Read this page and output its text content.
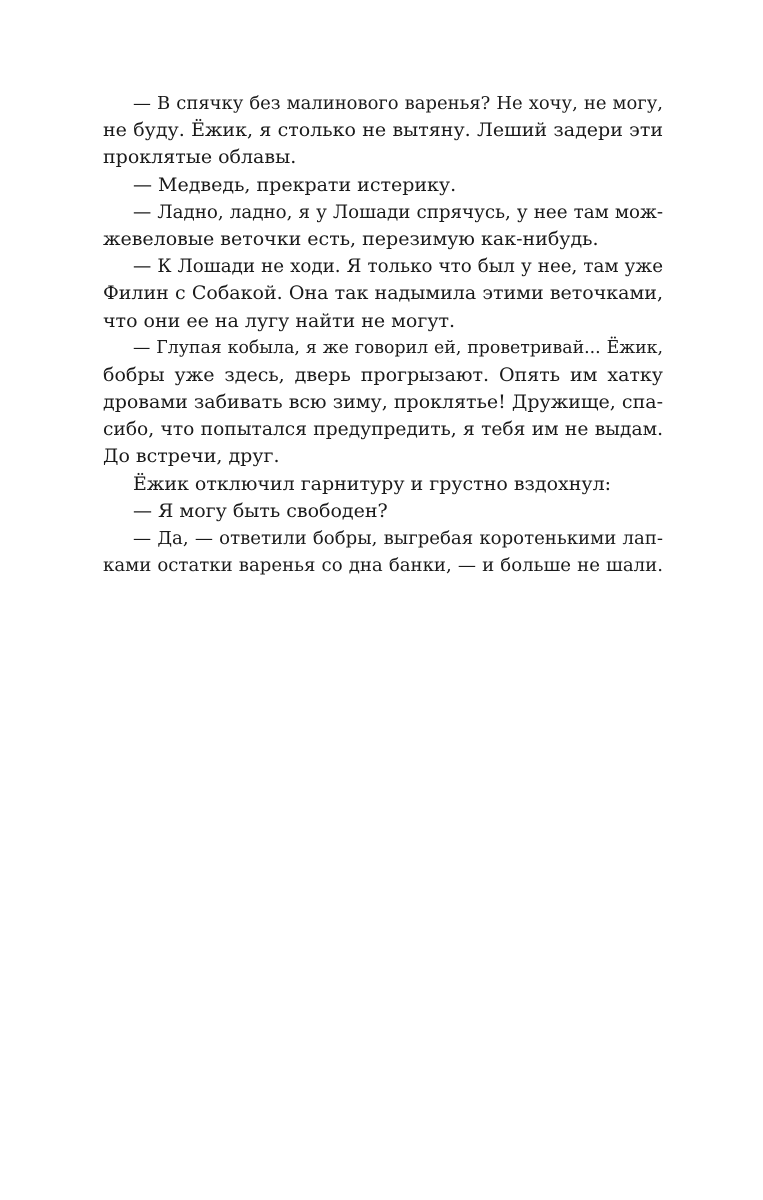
— В спячку без малинового варенья? Не хочу, не могу,
не буду. Ёжик, я столько не вытяну. Леший задери эти
проклятые облавы.
— Медведь, прекрати истерику.
— Ладно, ладно, я у Лошади спрячусь, у нее там мож-
жевеловые веточки есть, перезимую как-нибудь.
— К Лошади не ходи. Я только что был у нее, там уже
Филин с Собакой. Она так надымила этими веточками,
что они ее на лугу найти не могут.
— Глупая кобыла, я же говорил ей, проветривай... Ёжик,
бобры уже здесь, дверь прогрызают. Опять им хатку
дровами забивать всю зиму, проклятье! Дружище, спа-
сибо, что попытался предупредить, я тебя им не выдам.
До встречи, друг.
Ёжик отключил гарнитуру и грустно вздохнул:
— Я могу быть свободен?
— Да, — ответили бобры, выгребая коротенькими лап-
ками остатки варенья со дна банки, — и больше не шали.
